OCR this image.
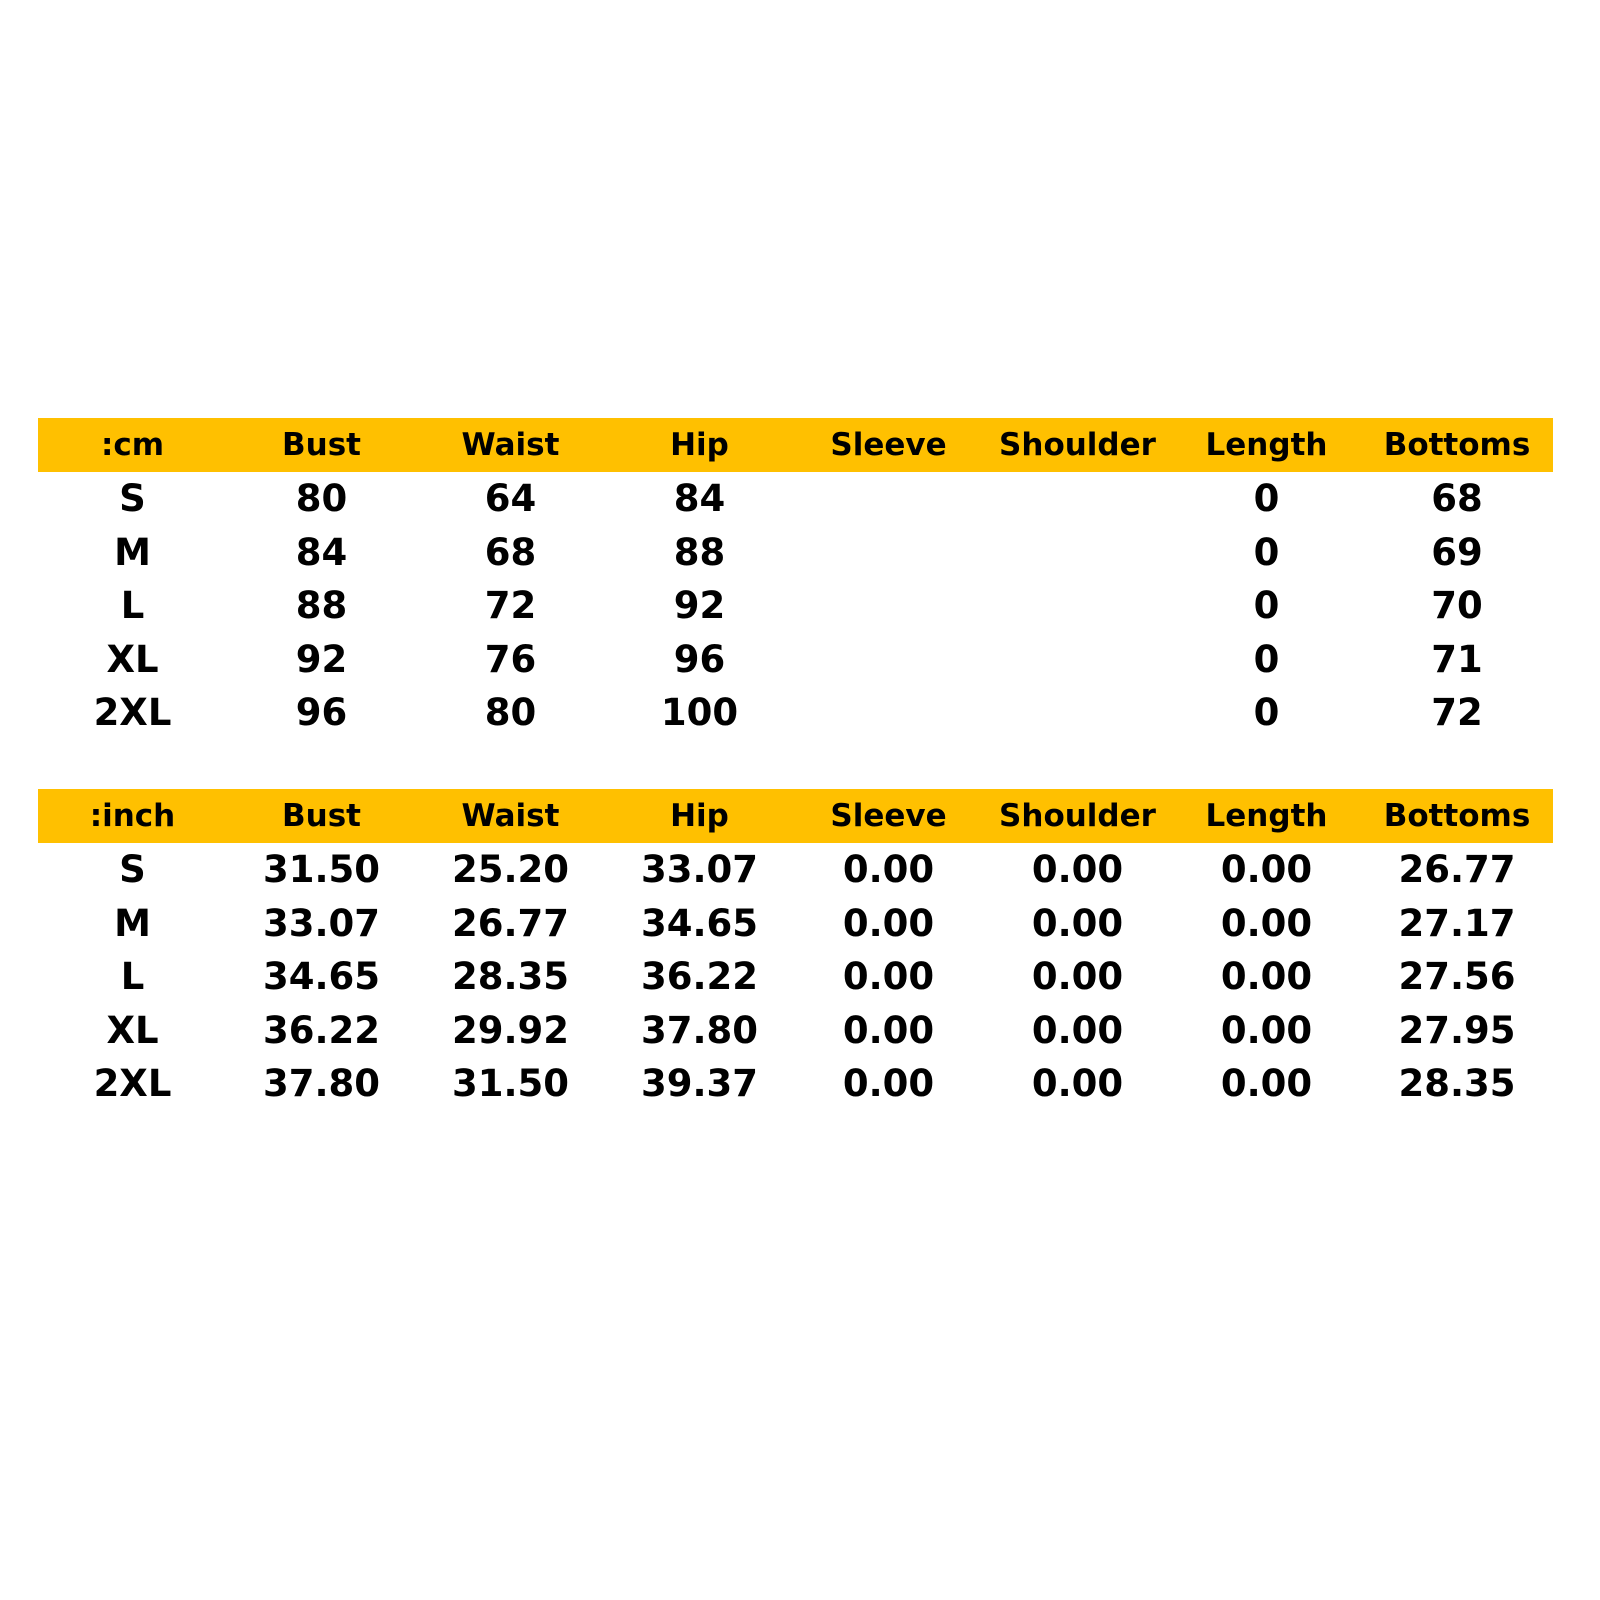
:cm	Bust	Waist	Hip	Sleeve	Shoulder	Length	Bottoms
S	80	64	84			0	68
M	84	68	88			0	69
L	88	72	92			0	70
XL	92	76	96			0	71
2XL	96	80	100			0	72
:inch	Bust	Waist	Hip	Sleeve	Shoulder	Length	Bottoms
S	31.50	25.20	33.07	0.00	0.00	0.00	26.77
M	33.07	26.77	34.65	0.00	0.00	0.00	27.17
L	34.65	28.35	36.22	0.00	0.00	0.00	27.56
XL	36.22	29.92	37.80	0.00	0.00	0.00	27.95
2XL	37.80	31.50	39.37	0.00	0.00	0.00	28.35
